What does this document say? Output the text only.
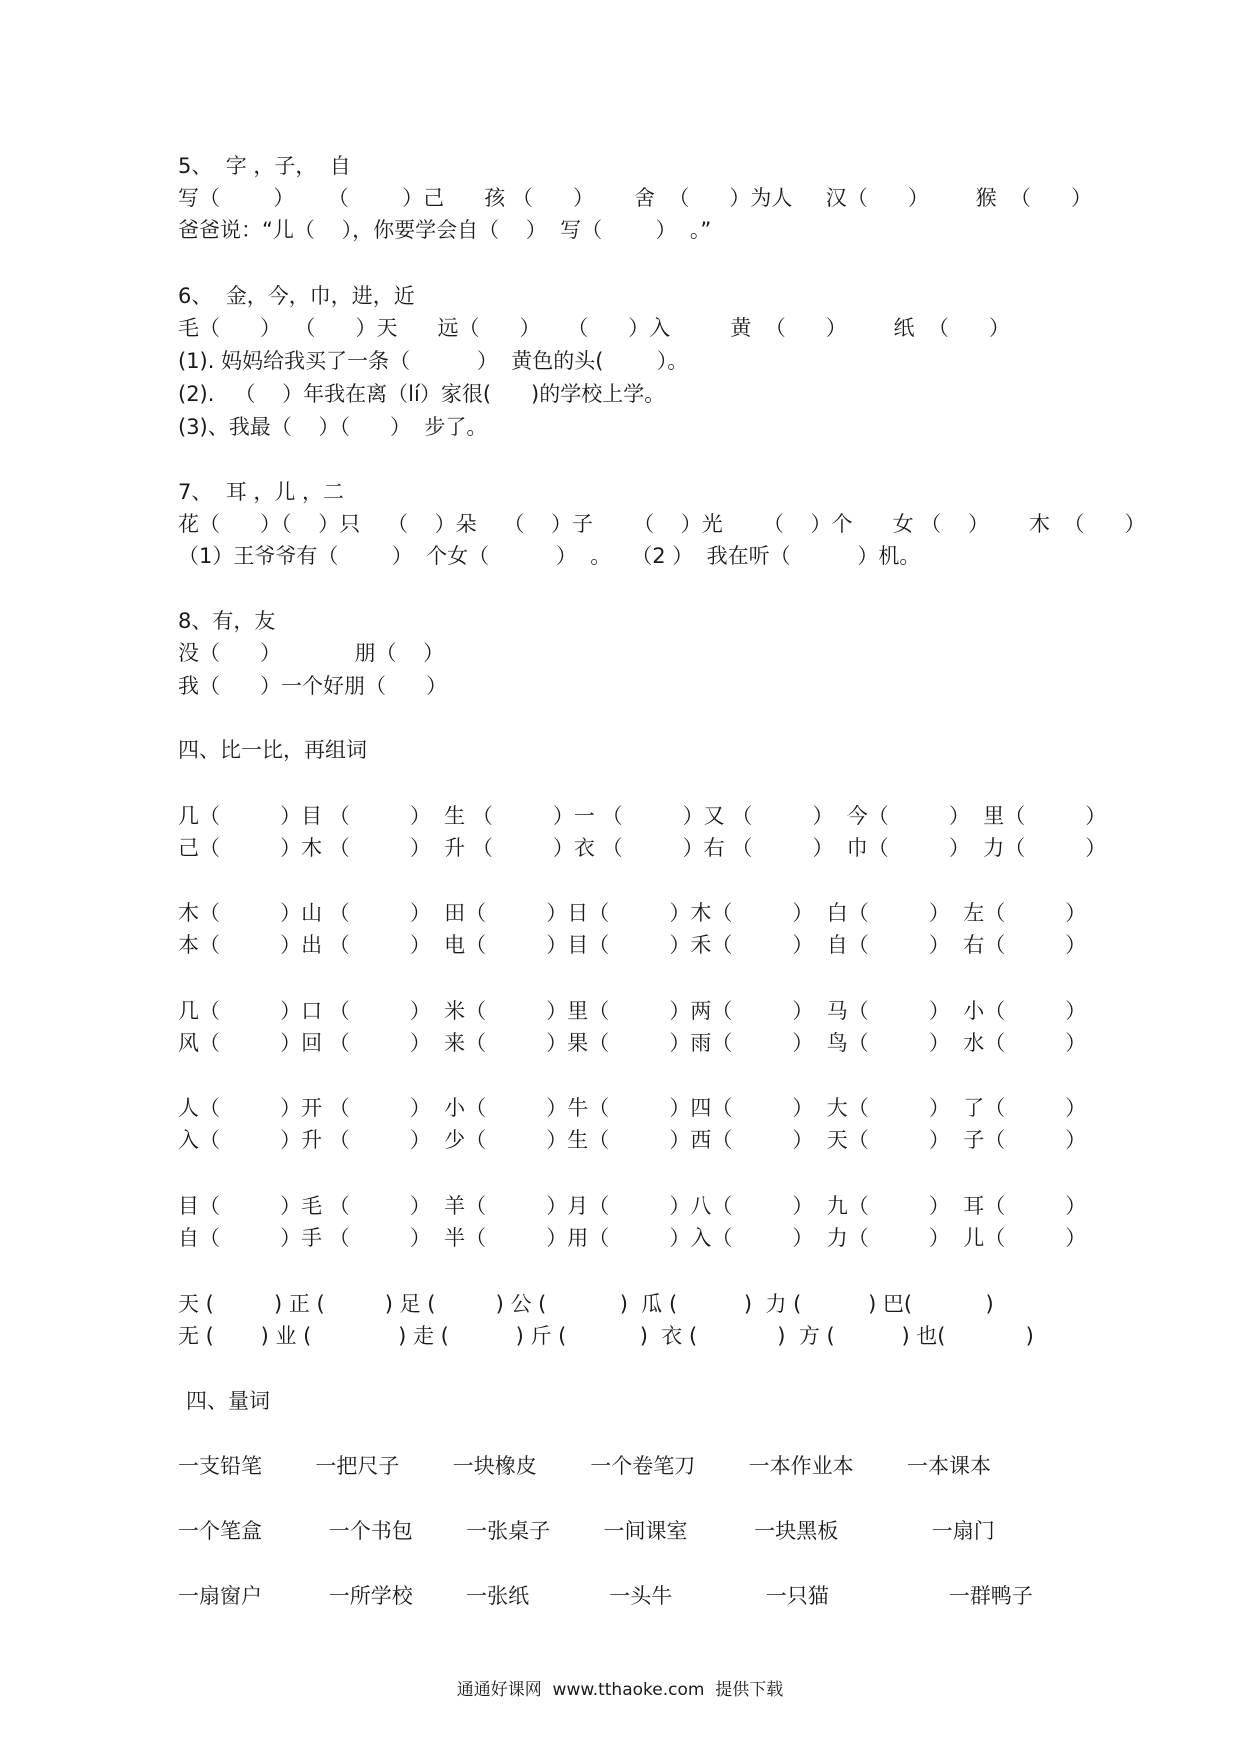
5、  字 ，子，  自
写（        ）     （        ）己      孩 （      ）      舍  （      ）为人     汉（      ）       猴  （      ）
爸爸说：“儿（    ），你要学会自（    ）  写（        ）  。”
6、  金，今，巾，进，近
毛（      ）  （      ）天      远（      ）    （      ）入         黄  （      ）       纸  （      ）
(1). 妈妈给我买了一条（          ）  黄色的头(        ）。
(2).   （    ）年我在离（lí）家很(      )的学校上学。
(3)、我最（    ）（      ）  步了。
7、  耳 ，儿 ，二
花（      ）（    ）只    （    ）朵    （    ）子      （    ）光      （    ）个      女 （    ）      木  （      ）
（1）王爷爷有（        ）  个女（          ）  。   （2 ）  我在听（          ）机。
8、有，友
没（      ）           朋（    ）
我（      ）一个好朋（      ）
四、比一比，再组词
几（         ）目 （         ）  生 （         ）一 （         ）又 （         ）  今（         ）  里（         ）
己（         ）木 （         ）  升 （         ）衣 （         ）右 （         ）  巾（         ）  力（         ）
木（         ）山 （         ）  田（         ）日（         ）木（         ）  白（         ）  左（         ）
本（         ）出 （         ）  电（         ）目（         ）禾（         ）  自（         ）  右（         ）
几（         ）口 （         ）  米（         ）里（         ）两（         ）  马（         ）  小（         ）
风（         ）回 （         ）  来（         ）果（         ）雨（         ）  鸟（         ）  水（         ）
人（         ）开 （         ）  小（         ）牛（         ）四（         ）  大（         ）  了（         ）
入（         ）升 （         ）  少（         ）生（         ）西（         ）  天（         ）  子（         ）
目（         ）毛 （         ）  羊（         ）月（         ）八（         ）  九（         ）  耳（         ）
自（         ）手 （         ）  半（         ）用（         ）入（         ）  力（         ）  儿（         ）
天 (         ) 正 (         ) 足 (         ) 公 (           )  瓜 (          )  力 (          ) 巴(           )
无 (       ) 业 (             ) 走 (          ) 斤 (           )  衣 (            )  方 (          ) 也(            )
四、量词
一支铅笔        一把尺子        一块橡皮        一个卷笔刀        一本作业本        一本课本
一个笔盒          一个书包        一张桌子        一间课室          一块黑板              一扇门
一扇窗户          一所学校        一张纸            一头牛              一只猫                  一群鸭子
通通好课网  www.tthaoke.com  提供下载
